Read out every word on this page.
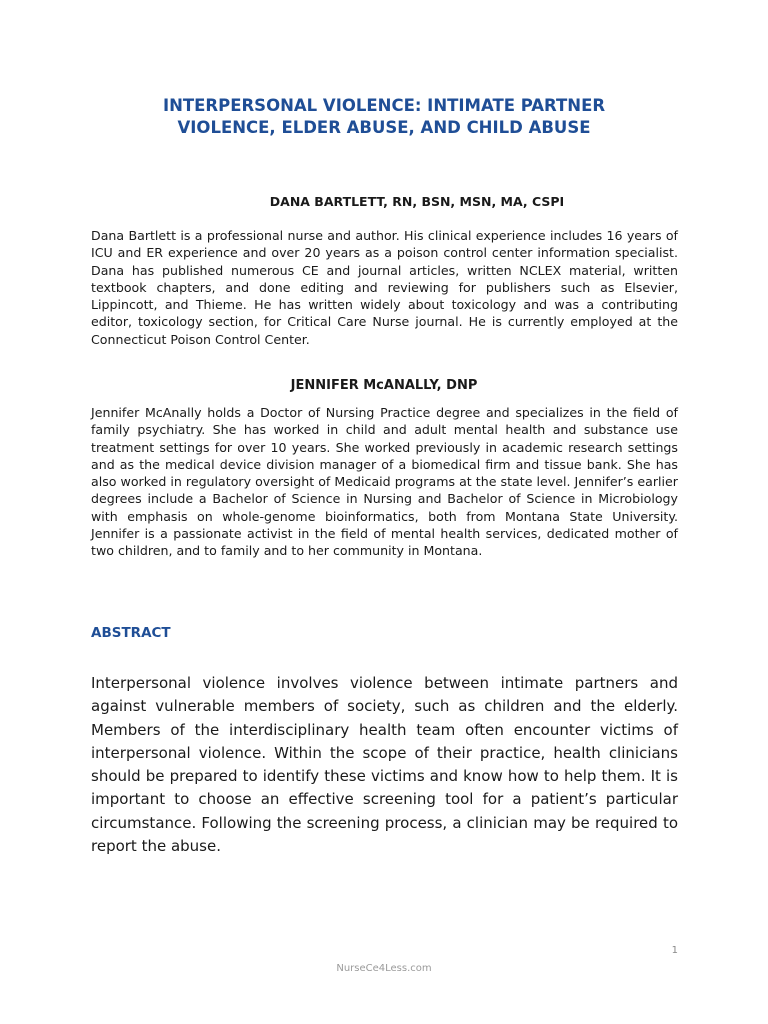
INTERPERSONAL VIOLENCE: INTIMATE PARTNER
VIOLENCE, ELDER ABUSE, AND CHILD ABUSE
DANA BARTLETT, RN, BSN, MSN, MA, CSPI

Dana Bartlett is a professional nurse and author. His clinical experience includes 16 years of ICU and ER experience and over 20 years as a poison control center information specialist. Dana has published numerous CE and journal articles, written NCLEX material, written textbook chapters, and done editing and reviewing for publishers such as Elsevier, Lippincott, and Thieme. He has written widely about toxicology and was a contributing editor, toxicology section, for Critical Care Nurse journal. He is currently employed at the Connecticut Poison Control Center.

JENNIFER McANALLY, DNP

Jennifer McAnally holds a Doctor of Nursing Practice degree and specializes in the field of family psychiatry. She has worked in child and adult mental health and substance use treatment settings for over 10 years. She worked previously in academic research settings and as the medical device division manager of a biomedical firm and tissue bank. She has also worked in regulatory oversight of Medicaid programs at the state level. Jennifer’s earlier degrees include a Bachelor of Science in Nursing and Bachelor of Science in Microbiology with emphasis on whole-genome bioinformatics, both from Montana State University. Jennifer is a passionate activist in the field of mental health services, dedicated mother of two children, and to family and to her community in Montana.

ABSTRACT

Interpersonal violence involves violence between intimate partners and against vulnerable members of society, such as children and the elderly. Members of the interdisciplinary health team often encounter victims of interpersonal violence. Within the scope of their practice, health clinicians should be prepared to identify these victims and know how to help them. It is important to choose an effective screening tool for a patient’s particular circumstance. Following the screening process, a clinician may be required to report the abuse.

1
NurseCe4Less.com
